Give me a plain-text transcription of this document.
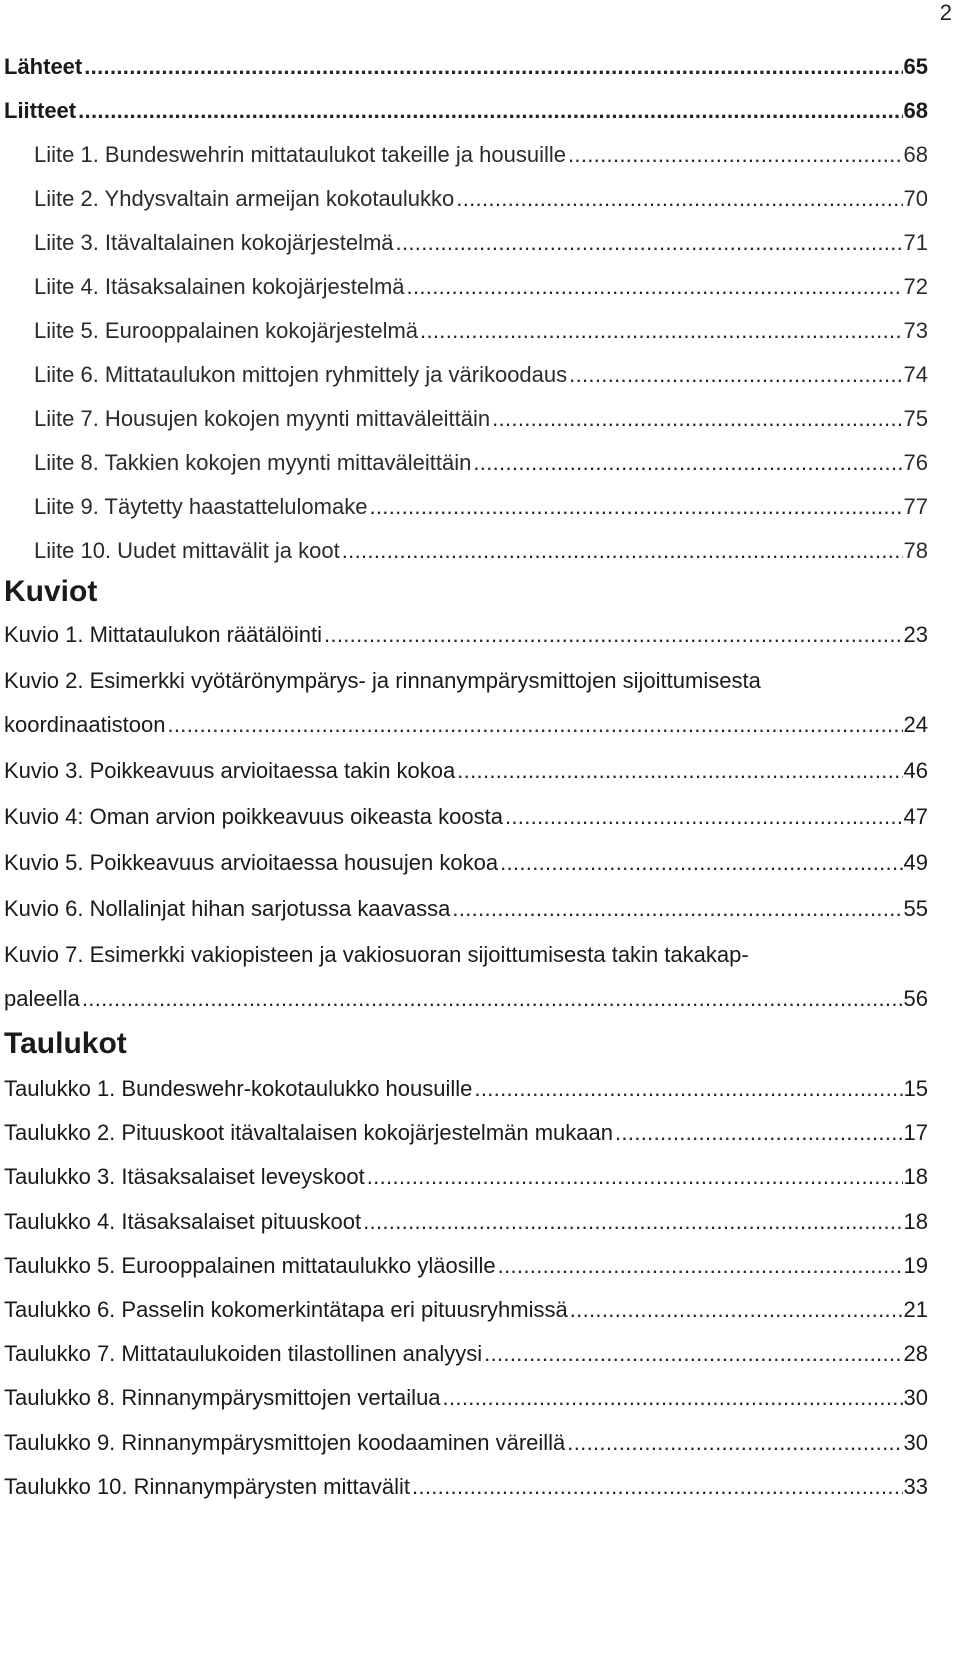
2
Lähteet . . .	65
Liitteet . . .	68
Liite 1. Bundeswehrin mittataulukot takeille ja housuille . . .	68
Liite 2. Yhdysvaltain armeijan kokotaulukko . . .	70
Liite 3. Itävaltalainen kokojärjestelmä . . .	71
Liite 4. Itäsaksalainen kokojärjestelmä . . .	72
Liite 5. Eurooppalainen kokojärjestelmä . . .	73
Liite 6. Mittataulukon mittojen ryhmittely ja värikoodaus . . .	74
Liite 7. Housujen kokojen myynti mittaväleittäin . . .	75
Liite 8. Takkien kokojen myynti mittaväleittäin . . .	76
Liite 9. Täytetty haastattelulomake . . .	77
Liite 10. Uudet mittavälit ja koot . . .	78
Kuviot
Kuvio 1. Mittataulukon räätälöinti . . .	23
Kuvio 2. Esimerkki vyötärönympärys- ja rinnanympärysmittojen sijoittumisesta
koordinaatistoon . . .	24
Kuvio 3. Poikkeavuus arvioitaessa takin kokoa . . .	46
Kuvio 4: Oman arvion poikkeavuus oikeasta koosta . . .	47
Kuvio 5. Poikkeavuus arvioitaessa housujen kokoa . . .	49
Kuvio 6. Nollalinjat hihan sarjotussa kaavassa . . .	55
Kuvio 7. Esimerkki vakiopisteen ja vakiosuoran sijoittumisesta takin takakap-
paleella . . .	56
Taulukot
Taulukko 1. Bundeswehr-kokotaulukko housuille . . .	15
Taulukko 2. Pituuskoot itävaltalaisen kokojärjestelmän mukaan . . .	17
Taulukko 3. Itäsaksalaiset leveyskoot . . .	18
Taulukko 4. Itäsaksalaiset pituuskoot . . .	18
Taulukko 5. Eurooppalainen mittataulukko yläosille . . .	19
Taulukko 6. Passelin kokomerkintätapa eri pituusryhmissä . . .	21
Taulukko 7. Mittataulukoiden tilastollinen analyysi . . .	28
Taulukko 8. Rinnanympärysmittojen vertailua . . .	30
Taulukko 9. Rinnanympärysmittojen koodaaminen väreillä . . .	30
Taulukko 10. Rinnanympärysten mittavälit . . .	33
